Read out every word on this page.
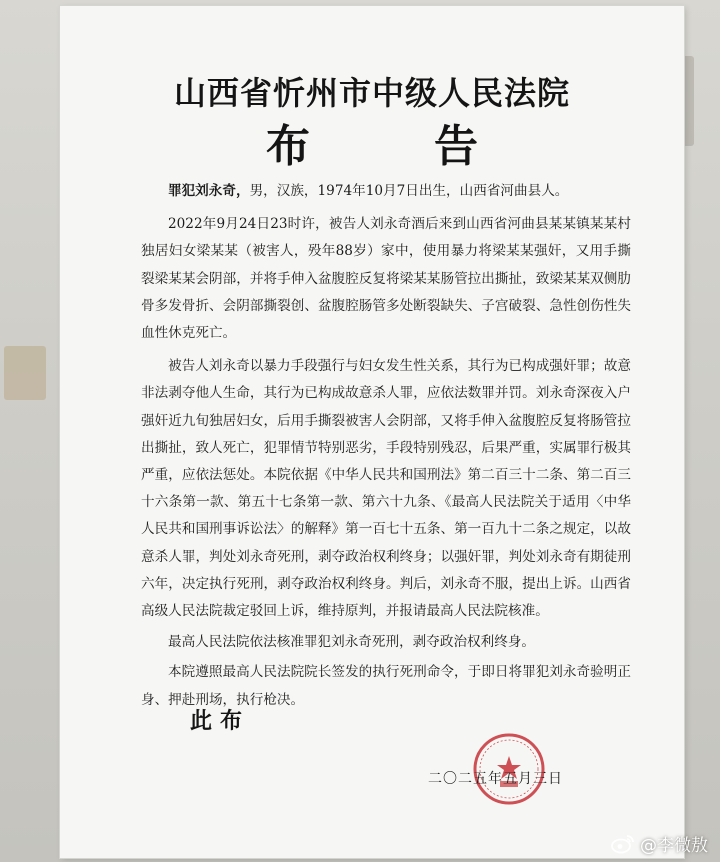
山西省忻州市中级人民法院
布　告

罪犯刘永奇，男，汉族，1974年10月7日出生，山西省河曲县人。

2022年9月24日23时许，被告人刘永奇酒后来到山西省河曲县某某镇某某村独居妇女梁某某（被害人，殁年88岁）家中，使用暴力将梁某某强奸，又用手撕裂梁某某会阴部，并将手伸入盆腹腔反复将梁某某肠管拉出撕扯，致梁某某双侧肋骨多发骨折、会阴部撕裂创、盆腹腔肠管多处断裂缺失、子宫破裂、急性创伤性失血性休克死亡。

被告人刘永奇以暴力手段强行与妇女发生性关系，其行为已构成强奸罪；故意非法剥夺他人生命，其行为已构成故意杀人罪，应依法数罪并罚。刘永奇深夜入户强奸近九旬独居妇女，后用手撕裂被害人会阴部，又将手伸入盆腹腔反复将肠管拉出撕扯，致人死亡，犯罪情节特别恶劣，手段特别残忍，后果严重，实属罪行极其严重，应依法惩处。本院依据《中华人民共和国刑法》第二百三十二条、第二百三十六条第一款、第五十七条第一款、第六十九条、《最高人民法院关于适用〈中华人民共和国刑事诉讼法〉的解释》第一百七十五条、第一百九十二条之规定，以故意杀人罪，判处刘永奇死刑，剥夺政治权利终身；以强奸罪，判处刘永奇有期徒刑六年，决定执行死刑，剥夺政治权利终身。判后，刘永奇不服，提出上诉。山西省高级人民法院裁定驳回上诉，维持原判，并报请最高人民法院核准。

最高人民法院依法核准罪犯刘永奇死刑，剥夺政治权利终身。

本院遵照最高人民法院院长签发的执行死刑命令，于即日将罪犯刘永奇验明正身、押赴刑场，执行枪决。

此布
二〇二五年五月三日
@李微敖
